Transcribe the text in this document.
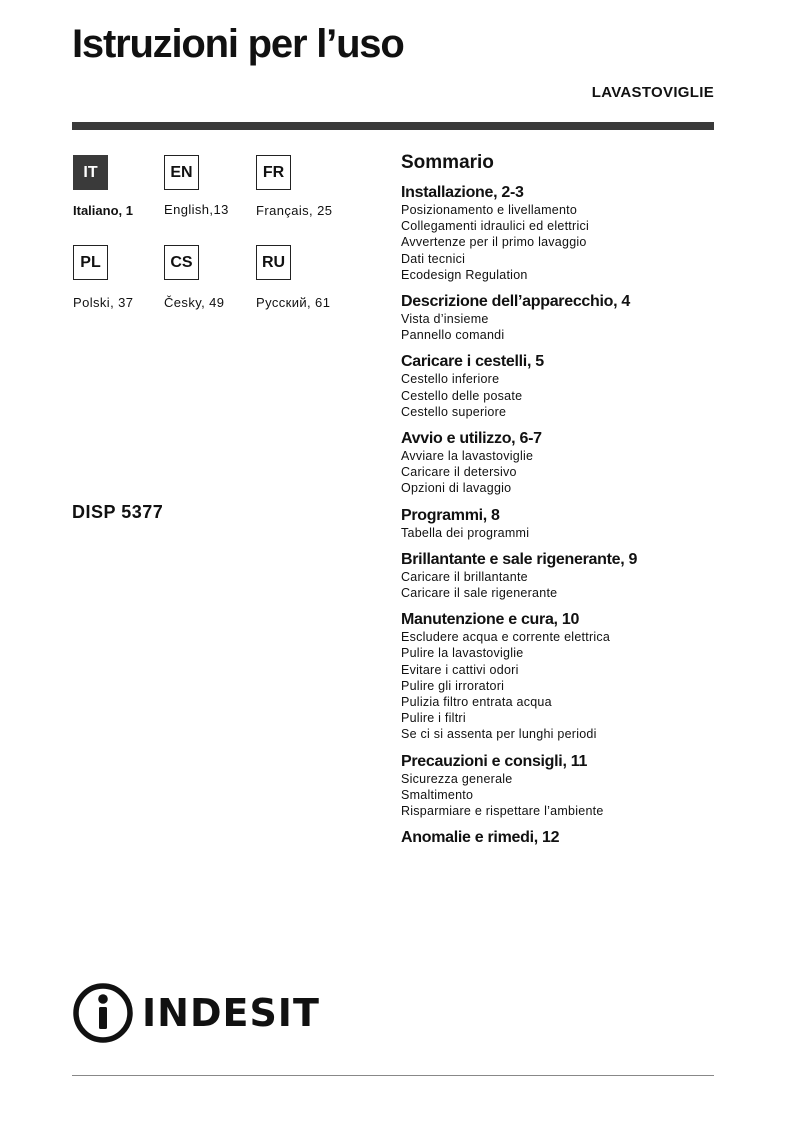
Istruzioni per l’uso
LAVASTOVIGLIE
IT
Italiano, 1
EN
English,13
FR
Français, 25
PL
Polski, 37
CS
Česky, 49
RU
Русский, 61
DISP 5377
Sommario
Installazione, 2-3
Posizionamento e livellamento
Collegamenti idraulici ed elettrici
Avvertenze per il primo lavaggio
Dati tecnici
Ecodesign Regulation
Descrizione dell’apparecchio, 4
Vista d’insieme
Pannello comandi
Caricare i cestelli, 5
Cestello inferiore
Cestello delle posate
Cestello superiore
Avvio e utilizzo, 6-7
Avviare la lavastoviglie
Caricare il detersivo
Opzioni di lavaggio
Programmi, 8
Tabella dei programmi
Brillantante e sale rigenerante, 9
Caricare il brillantante
Caricare il sale rigenerante
Manutenzione e cura, 10
Escludere acqua e corrente elettrica
Pulire la lavastoviglie
Evitare i cattivi odori
Pulire gli irroratori
Pulizia filtro entrata acqua
Pulire i filtri
Se ci si assenta per lunghi periodi
Precauzioni e consigli, 11
Sicurezza generale
Smaltimento
Risparmiare e rispettare l’ambiente
Anomalie e rimedi, 12
INDESIT
